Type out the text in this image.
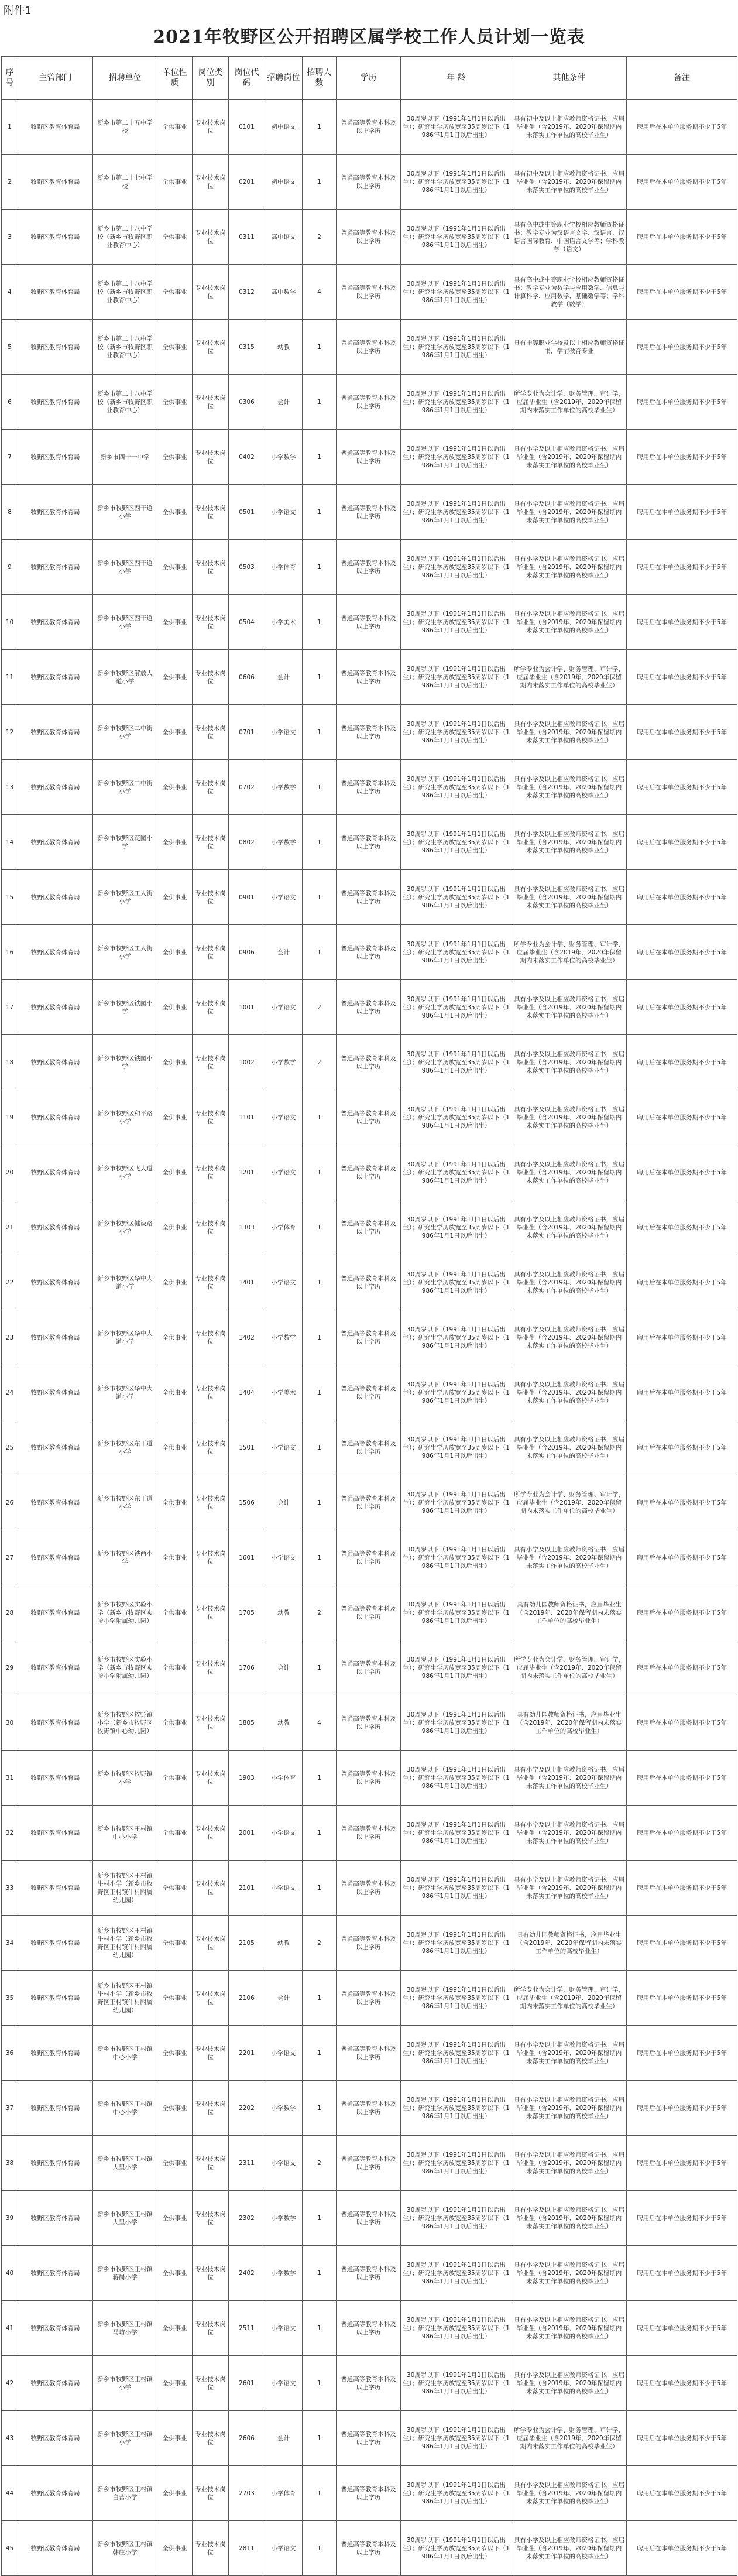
附件1
2021年牧野区公开招聘区属学校工作人员计划一览表
序号	主管部门	招聘单位	单位性质	岗位类别	岗位代码	招聘岗位	招聘人数	学历	年 龄	其他条件	备注
1	牧野区教育体育局	新乡市第二十五中学校	全供事业	专业技术岗位	0101	初中语文	1	普通高等教育本科及以上学历	30周岁以下（1991年1月1日以后出生）；研究生学历放宽至35周岁以下（1986年1月1日以后出生）	具有初中及以上相应教师资格证书，应届毕业生（含2019年、2020年保留期内未落实工作单位的高校毕业生）	聘用后在本单位服务期不少于5年
2	牧野区教育体育局	新乡市第二十七中学校	全供事业	专业技术岗位	0201	初中语文	1	普通高等教育本科及以上学历	30周岁以下（1991年1月1日以后出生）；研究生学历放宽至35周岁以下（1986年1月1日以后出生）	具有初中及以上相应教师资格证书，应届毕业生（含2019年、2020年保留期内未落实工作单位的高校毕业生）	聘用后在本单位服务期不少于5年
3	牧野区教育体育局	新乡市第二十八中学校（新乡市牧野区职业教育中心）	全供事业	专业技术岗位	0311	高中语文	2	普通高等教育本科及以上学历	30周岁以下（1991年1月1日以后出生）；研究生学历放宽至35周岁以下（1986年1月1日以后出生）	具有高中或中等职业学校相应教师资格证书；教学专业为汉语言文学、汉语言、汉语言国际教育、中国语言文学等；学科教学（语文）	聘用后在本单位服务期不少于5年
4	牧野区教育体育局	新乡市第二十八中学校（新乡市牧野区职业教育中心）	全供事业	专业技术岗位	0312	高中数学	4	普通高等教育本科及以上学历	30周岁以下（1991年1月1日以后出生）；研究生学历放宽至35周岁以下（1986年1月1日以后出生）	具有高中或中等职业学校相应教师资格证书；教学专业为数学与应用数学、信息与计算科学、应用数学、基础数学等；学科教学（数学）	聘用后在本单位服务期不少于5年
5	牧野区教育体育局	新乡市第二十八中学校（新乡市牧野区职业教育中心）	全供事业	专业技术岗位	0315	幼教	1	普通高等教育本科及以上学历	30周岁以下（1991年1月1日以后出生）；研究生学历放宽至35周岁以下（1986年1月1日以后出生）	具有中等职业学校及以上相应教师资格证书，学前教育专业	聘用后在本单位服务期不少于5年
6	牧野区教育体育局	新乡市第二十八中学校（新乡市牧野区职业教育中心）	全供事业	专业技术岗位	0306	会计	1	普通高等教育本科及以上学历	30周岁以下（1991年1月1日以后出生）；研究生学历放宽至35周岁以下（1986年1月1日以后出生）	所学专业为会计学、财务管理、审计学，应届毕业生（含2019年、2020年保留期内未落实工作单位的高校毕业生）	聘用后在本单位服务期不少于5年
7	牧野区教育体育局	新乡市四十一中学	全供事业	专业技术岗位	0402	小学数学	1	普通高等教育本科及以上学历	30周岁以下（1991年1月1日以后出生）；研究生学历放宽至35周岁以下（1986年1月1日以后出生）	具有小学及以上相应教师资格证书，应届毕业生（含2019年、2020年保留期内未落实工作单位的高校毕业生）	聘用后在本单位服务期不少于5年
8	牧野区教育体育局	新乡市牧野区西干道小学	全供事业	专业技术岗位	0501	小学语文	1	普通高等教育本科及以上学历	30周岁以下（1991年1月1日以后出生）；研究生学历放宽至35周岁以下（1986年1月1日以后出生）	具有小学及以上相应教师资格证书，应届毕业生（含2019年、2020年保留期内未落实工作单位的高校毕业生）	聘用后在本单位服务期不少于5年
9	牧野区教育体育局	新乡市牧野区西干道小学	全供事业	专业技术岗位	0503	小学体育	1	普通高等教育本科及以上学历	30周岁以下（1991年1月1日以后出生）；研究生学历放宽至35周岁以下（1986年1月1日以后出生）	具有小学及以上相应教师资格证书，应届毕业生（含2019年、2020年保留期内未落实工作单位的高校毕业生）	聘用后在本单位服务期不少于5年
10	牧野区教育体育局	新乡市牧野区西干道小学	全供事业	专业技术岗位	0504	小学美术	1	普通高等教育本科及以上学历	30周岁以下（1991年1月1日以后出生）；研究生学历放宽至35周岁以下（1986年1月1日以后出生）	具有小学及以上相应教师资格证书，应届毕业生（含2019年、2020年保留期内未落实工作单位的高校毕业生）	聘用后在本单位服务期不少于5年
11	牧野区教育体育局	新乡市牧野区解放大道小学	全供事业	专业技术岗位	0606	会计	1	普通高等教育本科及以上学历	30周岁以下（1991年1月1日以后出生）；研究生学历放宽至35周岁以下（1986年1月1日以后出生）	所学专业为会计学、财务管理、审计学，应届毕业生（含2019年、2020年保留期内未落实工作单位的高校毕业生）	聘用后在本单位服务期不少于5年
12	牧野区教育体育局	新乡市牧野区二中街小学	全供事业	专业技术岗位	0701	小学语文	1	普通高等教育本科及以上学历	30周岁以下（1991年1月1日以后出生）；研究生学历放宽至35周岁以下（1986年1月1日以后出生）	具有小学及以上相应教师资格证书，应届毕业生（含2019年、2020年保留期内未落实工作单位的高校毕业生）	聘用后在本单位服务期不少于5年
13	牧野区教育体育局	新乡市牧野区二中街小学	全供事业	专业技术岗位	0702	小学数学	1	普通高等教育本科及以上学历	30周岁以下（1991年1月1日以后出生）；研究生学历放宽至35周岁以下（1986年1月1日以后出生）	具有小学及以上相应教师资格证书，应届毕业生（含2019年、2020年保留期内未落实工作单位的高校毕业生）	聘用后在本单位服务期不少于5年
14	牧野区教育体育局	新乡市牧野区花园小学	全供事业	专业技术岗位	0802	小学数学	1	普通高等教育本科及以上学历	30周岁以下（1991年1月1日以后出生）；研究生学历放宽至35周岁以下（1986年1月1日以后出生）	具有小学及以上相应教师资格证书，应届毕业生（含2019年、2020年保留期内未落实工作单位的高校毕业生）	聘用后在本单位服务期不少于5年
15	牧野区教育体育局	新乡市牧野区工人街小学	全供事业	专业技术岗位	0901	小学语文	1	普通高等教育本科及以上学历	30周岁以下（1991年1月1日以后出生）；研究生学历放宽至35周岁以下（1986年1月1日以后出生）	具有小学及以上相应教师资格证书，应届毕业生（含2019年、2020年保留期内未落实工作单位的高校毕业生）	聘用后在本单位服务期不少于5年
16	牧野区教育体育局	新乡市牧野区工人街小学	全供事业	专业技术岗位	0906	会计	1	普通高等教育本科及以上学历	30周岁以下（1991年1月1日以后出生）；研究生学历放宽至35周岁以下（1986年1月1日以后出生）	所学专业为会计学、财务管理、审计学，应届毕业生（含2019年、2020年保留期内未落实工作单位的高校毕业生）	聘用后在本单位服务期不少于5年
17	牧野区教育体育局	新乡市牧野区铁园小学	全供事业	专业技术岗位	1001	小学语文	2	普通高等教育本科及以上学历	30周岁以下（1991年1月1日以后出生）；研究生学历放宽至35周岁以下（1986年1月1日以后出生）	具有小学及以上相应教师资格证书，应届毕业生（含2019年、2020年保留期内未落实工作单位的高校毕业生）	聘用后在本单位服务期不少于5年
18	牧野区教育体育局	新乡市牧野区铁园小学	全供事业	专业技术岗位	1002	小学数学	2	普通高等教育本科及以上学历	30周岁以下（1991年1月1日以后出生）；研究生学历放宽至35周岁以下（1986年1月1日以后出生）	具有小学及以上相应教师资格证书，应届毕业生（含2019年、2020年保留期内未落实工作单位的高校毕业生）	聘用后在本单位服务期不少于5年
19	牧野区教育体育局	新乡市牧野区和平路小学	全供事业	专业技术岗位	1101	小学语文	1	普通高等教育本科及以上学历	30周岁以下（1991年1月1日以后出生）；研究生学历放宽至35周岁以下（1986年1月1日以后出生）	具有小学及以上相应教师资格证书，应届毕业生（含2019年、2020年保留期内未落实工作单位的高校毕业生）	聘用后在本单位服务期不少于5年
20	牧野区教育体育局	新乡市牧野区飞大道小学	全供事业	专业技术岗位	1201	小学语文	1	普通高等教育本科及以上学历	30周岁以下（1991年1月1日以后出生）；研究生学历放宽至35周岁以下（1986年1月1日以后出生）	具有小学及以上相应教师资格证书，应届毕业生（含2019年、2020年保留期内未落实工作单位的高校毕业生）	聘用后在本单位服务期不少于5年
21	牧野区教育体育局	新乡市牧野区健设路小学	全供事业	专业技术岗位	1303	小学体育	1	普通高等教育本科及以上学历	30周岁以下（1991年1月1日以后出生）；研究生学历放宽至35周岁以下（1986年1月1日以后出生）	具有小学及以上相应教师资格证书，应届毕业生（含2019年、2020年保留期内未落实工作单位的高校毕业生）	聘用后在本单位服务期不少于5年
22	牧野区教育体育局	新乡市牧野区华中大道小学	全供事业	专业技术岗位	1401	小学语文	1	普通高等教育本科及以上学历	30周岁以下（1991年1月1日以后出生）；研究生学历放宽至35周岁以下（1986年1月1日以后出生）	具有小学及以上相应教师资格证书，应届毕业生（含2019年、2020年保留期内未落实工作单位的高校毕业生）	聘用后在本单位服务期不少于5年
23	牧野区教育体育局	新乡市牧野区华中大道小学	全供事业	专业技术岗位	1402	小学数学	1	普通高等教育本科及以上学历	30周岁以下（1991年1月1日以后出生）；研究生学历放宽至35周岁以下（1986年1月1日以后出生）	具有小学及以上相应教师资格证书，应届毕业生（含2019年、2020年保留期内未落实工作单位的高校毕业生）	聘用后在本单位服务期不少于5年
24	牧野区教育体育局	新乡市牧野区华中大道小学	全供事业	专业技术岗位	1404	小学美术	1	普通高等教育本科及以上学历	30周岁以下（1991年1月1日以后出生）；研究生学历放宽至35周岁以下（1986年1月1日以后出生）	具有小学及以上相应教师资格证书，应届毕业生（含2019年、2020年保留期内未落实工作单位的高校毕业生）	聘用后在本单位服务期不少于5年
25	牧野区教育体育局	新乡市牧野区东干道小学	全供事业	专业技术岗位	1501	小学语文	1	普通高等教育本科及以上学历	30周岁以下（1991年1月1日以后出生）；研究生学历放宽至35周岁以下（1986年1月1日以后出生）	具有小学及以上相应教师资格证书，应届毕业生（含2019年、2020年保留期内未落实工作单位的高校毕业生）	聘用后在本单位服务期不少于5年
26	牧野区教育体育局	新乡市牧野区东干道小学	全供事业	专业技术岗位	1506	会计	1	普通高等教育本科及以上学历	30周岁以下（1991年1月1日以后出生）；研究生学历放宽至35周岁以下（1986年1月1日以后出生）	所学专业为会计学、财务管理、审计学，应届毕业生（含2019年、2020年保留期内未落实工作单位的高校毕业生）	聘用后在本单位服务期不少于5年
27	牧野区教育体育局	新乡市牧野区铁西小学	全供事业	专业技术岗位	1601	小学语文	1	普通高等教育本科及以上学历	30周岁以下（1991年1月1日以后出生）；研究生学历放宽至35周岁以下（1986年1月1日以后出生）	具有小学及以上相应教师资格证书，应届毕业生（含2019年、2020年保留期内未落实工作单位的高校毕业生）	聘用后在本单位服务期不少于5年
28	牧野区教育体育局	新乡市牧野区实验小学（新乡市牧野区实验小学附属幼儿园）	全供事业	专业技术岗位	1705	幼教	2	普通高等教育本科及以上学历	30周岁以下（1991年1月1日以后出生）；研究生学历放宽至35周岁以下（1986年1月1日以后出生）	具有幼儿园教师资格证书，应届毕业生（含2019年、2020年保留期内未落实工作单位的高校毕业生）	聘用后在本单位服务期不少于5年
29	牧野区教育体育局	新乡市牧野区实验小学（新乡市牧野区实验小学附属幼儿园）	全供事业	专业技术岗位	1706	会计	1	普通高等教育本科及以上学历	30周岁以下（1991年1月1日以后出生）；研究生学历放宽至35周岁以下（1986年1月1日以后出生）	所学专业为会计学、财务管理、审计学，应届毕业生（含2019年、2020年保留期内未落实工作单位的高校毕业生）	聘用后在本单位服务期不少于5年
30	牧野区教育体育局	新乡市牧野区牧野镇小学（新乡市牧野区牧野镇中心幼儿园）	全供事业	专业技术岗位	1805	幼教	4	普通高等教育本科及以上学历	30周岁以下（1991年1月1日以后出生）；研究生学历放宽至35周岁以下（1986年1月1日以后出生）	具有幼儿园教师资格证书，应届毕业生（含2019年、2020年保留期内未落实工作单位的高校毕业生）	聘用后在本单位服务期不少于5年
31	牧野区教育体育局	新乡市牧野区牧野镇小学	全供事业	专业技术岗位	1903	小学体育	1	普通高等教育本科及以上学历	30周岁以下（1991年1月1日以后出生）；研究生学历放宽至35周岁以下（1986年1月1日以后出生）	具有小学及以上相应教师资格证书，应届毕业生（含2019年、2020年保留期内未落实工作单位的高校毕业生）	聘用后在本单位服务期不少于5年
32	牧野区教育体育局	新乡市牧野区王村镇中心小学	全供事业	专业技术岗位	2001	小学语文	1	普通高等教育本科及以上学历	30周岁以下（1991年1月1日以后出生）；研究生学历放宽至35周岁以下（1986年1月1日以后出生）	具有小学及以上相应教师资格证书，应届毕业生（含2019年、2020年保留期内未落实工作单位的高校毕业生）	聘用后在本单位服务期不少于5年
33	牧野区教育体育局	新乡市牧野区王村镇牛村小学（新乡市牧野区王村镇牛村附属幼儿园）	全供事业	专业技术岗位	2101	小学语文	1	普通高等教育本科及以上学历	30周岁以下（1991年1月1日以后出生）；研究生学历放宽至35周岁以下（1986年1月1日以后出生）	具有小学及以上相应教师资格证书，应届毕业生（含2019年、2020年保留期内未落实工作单位的高校毕业生）	聘用后在本单位服务期不少于5年
34	牧野区教育体育局	新乡市牧野区王村镇牛村小学（新乡市牧野区王村镇牛村附属幼儿园）	全供事业	专业技术岗位	2105	幼教	2	普通高等教育本科及以上学历	30周岁以下（1991年1月1日以后出生）；研究生学历放宽至35周岁以下（1986年1月1日以后出生）	具有幼儿园教师资格证书，应届毕业生（含2019年、2020年保留期内未落实工作单位的高校毕业生）	聘用后在本单位服务期不少于5年
35	牧野区教育体育局	新乡市牧野区王村镇牛村小学（新乡市牧野区王村镇牛村附属幼儿园）	全供事业	专业技术岗位	2106	会计	1	普通高等教育本科及以上学历	30周岁以下（1991年1月1日以后出生）；研究生学历放宽至35周岁以下（1986年1月1日以后出生）	所学专业为会计学、财务管理、审计学，应届毕业生（含2019年、2020年保留期内未落实工作单位的高校毕业生）	聘用后在本单位服务期不少于5年
36	牧野区教育体育局	新乡市牧野区王村镇中心小学	全供事业	专业技术岗位	2201	小学语文	1	普通高等教育本科及以上学历	30周岁以下（1991年1月1日以后出生）；研究生学历放宽至35周岁以下（1986年1月1日以后出生）	具有小学及以上相应教师资格证书，应届毕业生（含2019年、2020年保留期内未落实工作单位的高校毕业生）	聘用后在本单位服务期不少于5年
37	牧野区教育体育局	新乡市牧野区王村镇中心小学	全供事业	专业技术岗位	2202	小学数学	1	普通高等教育本科及以上学历	30周岁以下（1991年1月1日以后出生）；研究生学历放宽至35周岁以下（1986年1月1日以后出生）	具有小学及以上相应教师资格证书，应届毕业生（含2019年、2020年保留期内未落实工作单位的高校毕业生）	聘用后在本单位服务期不少于5年
38	牧野区教育体育局	新乡市牧野区王村镇大里小学	全供事业	专业技术岗位	2311	小学语文	2	普通高等教育本科及以上学历	30周岁以下（1991年1月1日以后出生）；研究生学历放宽至35周岁以下（1986年1月1日以后出生）	具有小学及以上相应教师资格证书，应届毕业生（含2019年、2020年保留期内未落实工作单位的高校毕业生）	聘用后在本单位服务期不少于5年
39	牧野区教育体育局	新乡市牧野区王村镇大里小学	全供事业	专业技术岗位	2302	小学数学	1	普通高等教育本科及以上学历	30周岁以下（1991年1月1日以后出生）；研究生学历放宽至35周岁以下（1986年1月1日以后出生）	具有小学及以上相应教师资格证书，应届毕业生（含2019年、2020年保留期内未落实工作单位的高校毕业生）	聘用后在本单位服务期不少于5年
40	牧野区教育体育局	新乡市牧野区王村镇蒋岗小学	全供事业	专业技术岗位	2402	小学数学	1	普通高等教育本科及以上学历	30周岁以下（1991年1月1日以后出生）；研究生学历放宽至35周岁以下（1986年1月1日以后出生）	具有小学及以上相应教师资格证书，应届毕业生（含2019年、2020年保留期内未落实工作单位的高校毕业生）	聘用后在本单位服务期不少于5年
41	牧野区教育体育局	新乡市牧野区王村镇马坊小学	全供事业	专业技术岗位	2511	小学语文	1	普通高等教育本科及以上学历	30周岁以下（1991年1月1日以后出生）；研究生学历放宽至35周岁以下（1986年1月1日以后出生）	具有小学及以上相应教师资格证书，应届毕业生（含2019年、2020年保留期内未落实工作单位的高校毕业生）	聘用后在本单位服务期不少于5年
42	牧野区教育体育局	新乡市牧野区王村镇小学	全供事业	专业技术岗位	2601	小学语文	1	普通高等教育本科及以上学历	30周岁以下（1991年1月1日以后出生）；研究生学历放宽至35周岁以下（1986年1月1日以后出生）	具有小学及以上相应教师资格证书，应届毕业生（含2019年、2020年保留期内未落实工作单位的高校毕业生）	聘用后在本单位服务期不少于5年
43	牧野区教育体育局	新乡市牧野区王村镇小学	全供事业	专业技术岗位	2606	会计	1	普通高等教育本科及以上学历	30周岁以下（1991年1月1日以后出生）；研究生学历放宽至35周岁以下（1986年1月1日以后出生）	所学专业为会计学、财务管理、审计学，应届毕业生（含2019年、2020年保留期内未落实工作单位的高校毕业生）	聘用后在本单位服务期不少于5年
44	牧野区教育体育局	新乡市牧野区王村镇白营小学	全供事业	专业技术岗位	2703	小学体育	1	普通高等教育本科及以上学历	30周岁以下（1991年1月1日以后出生）；研究生学历放宽至35周岁以下（1986年1月1日以后出生）	具有小学及以上相应教师资格证书，应届毕业生（含2019年、2020年保留期内未落实工作单位的高校毕业生）	聘用后在本单位服务期不少于5年
45	牧野区教育体育局	新乡市牧野区王村镇韩庄小学	全供事业	专业技术岗位	2811	小学语文	1	普通高等教育本科及以上学历	30周岁以下（1991年1月1日以后出生）；研究生学历放宽至35周岁以下（1986年1月1日以后出生）	具有小学及以上相应教师资格证书，应届毕业生（含2019年、2020年保留期内未落实工作单位的高校毕业生）	聘用后在本单位服务期不少于5年
